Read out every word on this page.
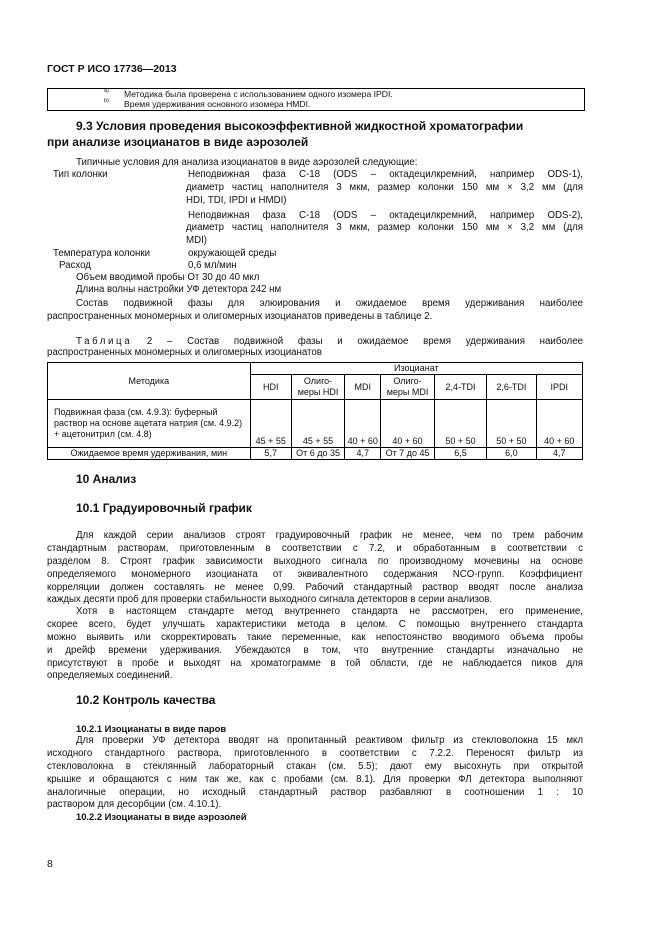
ГОСТ Р ИСО 17736—2013
a) Методика была проверена с использованием одного изомера IPDI.
b) Время удерживания основного изомера HMDI.
9.3 Условия проведения высокоэффективной жидкостной хроматографии
при анализе изоцианатов в виде аэрозолей

Типичные условия для анализа изоцианатов в виде аэрозолей следующие:

Тип колонки	Неподвижная фаза С-18 (ODS – октадецилкремний, например ODS-1),

диаметр частиц наполнителя 3 мкм, размер колонки 150 мм × 3,2 мм (для

HDI, TDI, IPDI и HMDI)

Неподвижная фаза С-18 (ODS – октадецилкремний, например ODS-2),

диаметр частиц наполнителя 3 мкм, размер колонки 150 мм × 3,2 мм (для

MDI)

Температура колонки	окружающей среды

Расход	0,6 мл/мин

Объем вводимой пробы От 30 до 40 мкл

Длина волны настройки УФ детектора 242 нм

Состав подвижной фазы для элюирования и ожидаемое время удерживания наиболее

распространенных мономерных и олигомерных изоцианатов приведены в таблице 2.

Таблица 2 – Состав подвижной фазы и ожидаемое время удерживания наиболее

распространенных мономерных и олигомерных изоцианатов

Методика	Изоцианат						
	HDI	Олиго-меры HDI	MDI	Олиго-меры MDI	2,4-TDI	2,6-TDI	IPDI
Подвижная фаза (см. 4.9.3): буферный раствор на основе ацетата натрия (см. 4.9.2) + ацетонитрил (см. 4.8)	45 + 55	45 + 55	40 + 60	40 + 60	50 + 50	50 + 50	40 + 60
Ожидаемое время удерживания, мин	5,7	От 6 до 35	4,7	От 7 до 45	6,5	6,0	4,7
10 Анализ
10.1 Градуировочный график

Для каждой серии анализов строят градуировочный график не менее, чем по трем рабочим

стандартным растворам, приготовленным в соответствии с 7.2, и обработанным в соответствии с

разделом 8. Строят график зависимости выходного сигнала по производному мочевины на основе

определяемого мономерного изоцианата от эквивалентного содержания NCO-групп. Коэффициент

корреляции должен составлять не менее 0,99. Рабочий стандартный раствор вводят после анализа

каждых десяти проб для проверки стабильности выходного сигнала детекторов в серии анализов.

Хотя в настоящем стандарте метод внутреннего стандарта не рассмотрен, его применение,

скорее всего, будет улучшать характеристики метода в целом. С помощью внутреннего стандарта

можно выявить или скорректировать такие переменные, как непостоянство вводимого объема пробы

и дрейф времени удерживания. Убеждаются в том, что внутренние стандарты изначально не

присутствуют в пробе и выходят на хроматограмме в той области, где не наблюдается пиков для

определяемых соединений.

10.2 Контроль качества

10.2.1 Изоцианаты в виде паров

Для проверки УФ детектора вводят на пропитанный реактивом фильтр из стекловолокна 15 мкл

исходного стандартного раствора, приготовленного в соответствии с 7.2.2. Переносят фильтр из

стекловолокна в стеклянный лабораторный стакан (см. 5.5); дают ему высохнуть при открытой

крышке и обращаются с ним так же, как с пробами (см. 8.1). Для проверки ФЛ детектора выполняют

аналогичные операции, но исходный стандартный раствор разбавляют в соотношении 1 : 10

раствором для десорбции (см. 4.10.1).

10.2.2 Изоцианаты в виде аэрозолей

8
